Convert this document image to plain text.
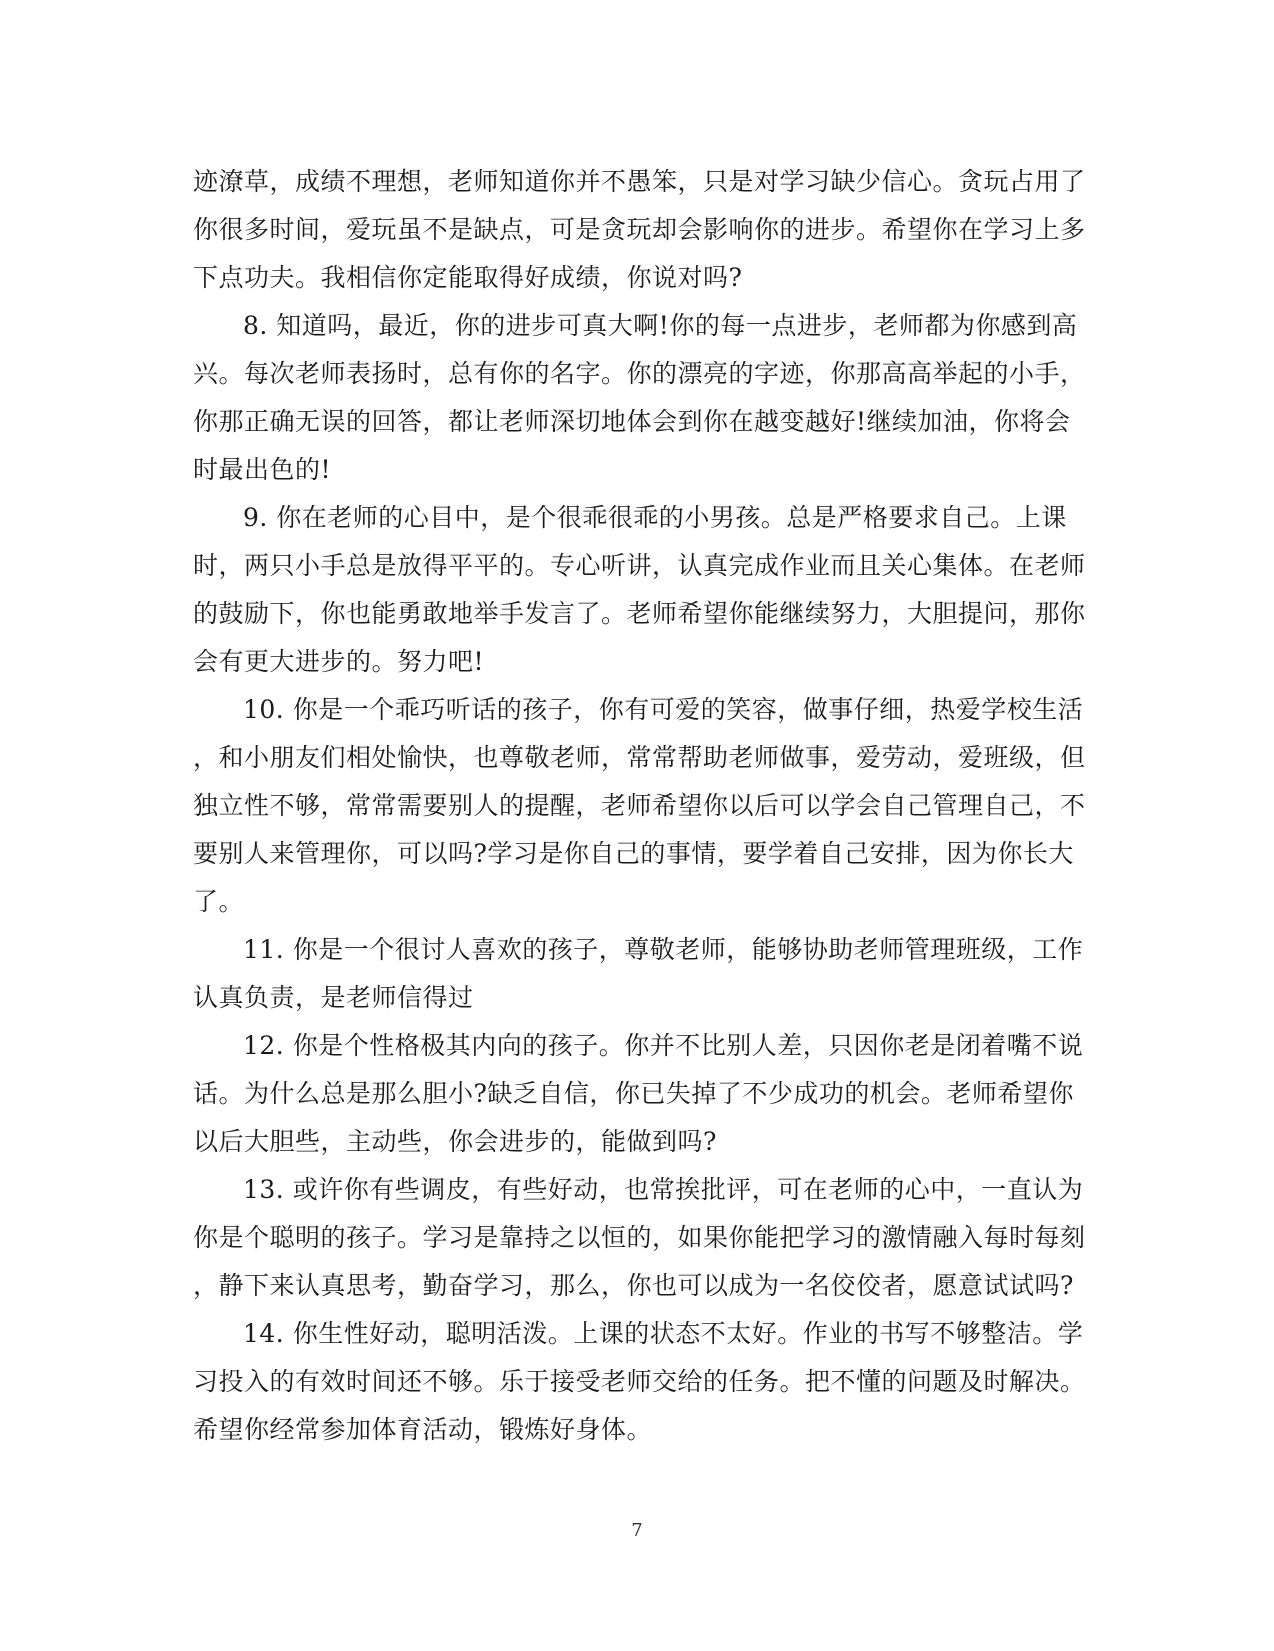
迹潦草，成绩不理想，老师知道你并不愚笨，只是对学习缺少信心。贪玩占用了
你很多时间，爱玩虽不是缺点，可是贪玩却会影响你的进步。希望你在学习上多
下点功夫。我相信你定能取得好成绩，你说对吗?
8. 知道吗，最近，你的进步可真大啊!你的每一点进步，老师都为你感到高
兴。每次老师表扬时，总有你的名字。你的漂亮的字迹，你那高高举起的小手，
你那正确无误的回答，都让老师深切地体会到你在越变越好!继续加油，你将会
时最出色的!
9. 你在老师的心目中，是个很乖很乖的小男孩。总是严格要求自己。上课
时，两只小手总是放得平平的。专心听讲，认真完成作业而且关心集体。在老师
的鼓励下，你也能勇敢地举手发言了。老师希望你能继续努力，大胆提问，那你
会有更大进步的。努力吧!
10. 你是一个乖巧听话的孩子，你有可爱的笑容，做事仔细，热爱学校生活
，和小朋友们相处愉快，也尊敬老师，常常帮助老师做事，爱劳动，爱班级，但
独立性不够，常常需要别人的提醒，老师希望你以后可以学会自己管理自己，不
要别人来管理你，可以吗?学习是你自己的事情，要学着自己安排，因为你长大
了。
11. 你是一个很讨人喜欢的孩子，尊敬老师，能够协助老师管理班级，工作
认真负责，是老师信得过
12. 你是个性格极其内向的孩子。你并不比别人差，只因你老是闭着嘴不说
话。为什么总是那么胆小?缺乏自信，你已失掉了不少成功的机会。老师希望你
以后大胆些，主动些，你会进步的，能做到吗?
13. 或许你有些调皮，有些好动，也常挨批评，可在老师的心中，一直认为
你是个聪明的孩子。学习是靠持之以恒的，如果你能把学习的激情融入每时每刻
，静下来认真思考，勤奋学习，那么，你也可以成为一名佼佼者，愿意试试吗?
14. 你生性好动，聪明活泼。上课的状态不太好。作业的书写不够整洁。学
习投入的有效时间还不够。乐于接受老师交给的任务。把不懂的问题及时解决。
希望你经常参加体育活动，锻炼好身体。
7
